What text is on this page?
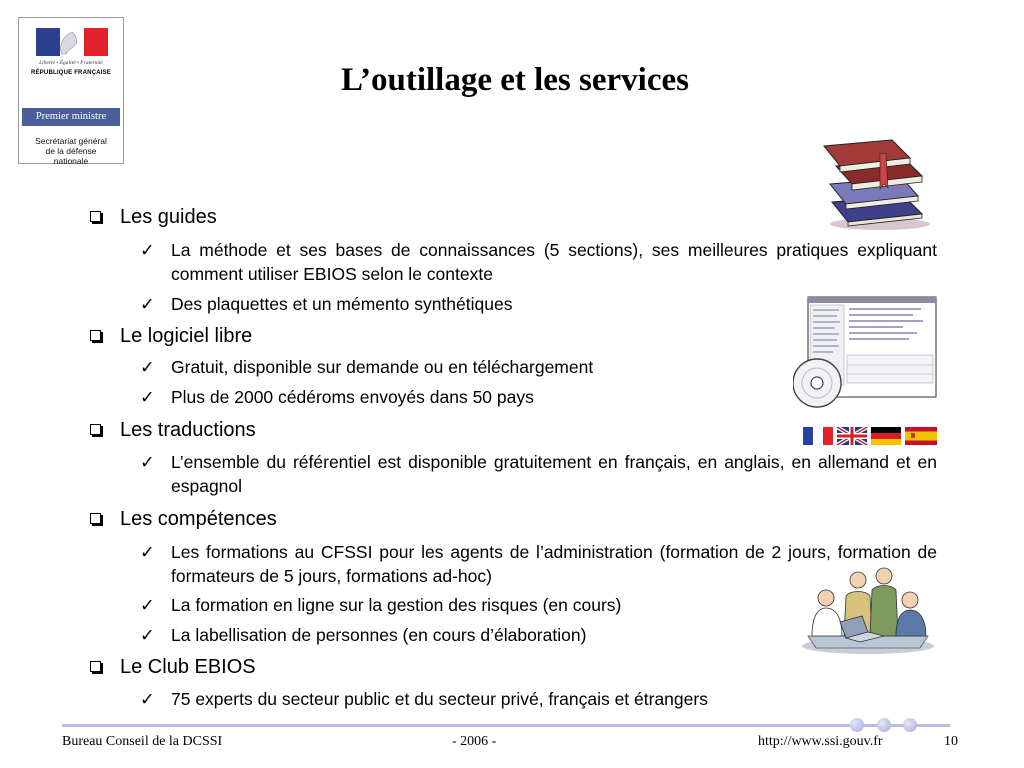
Liberté • Égalité • Fraternité
RÉPUBLIQUE FRANÇAISE
Premier ministre
Secrétariat général
de la défense
nationale
L’outillage et les services
Les guides
✓ La méthode et ses bases de connaissances (5 sections), ses meilleures pratiques expliquant comment utiliser EBIOS selon le contexte
✓ Des plaquettes et un mémento synthétiques
Le logiciel libre
✓ Gratuit, disponible sur demande ou en téléchargement
✓ Plus de 2000 cédéroms envoyés dans 50 pays
Les traductions
✓ L’ensemble du référentiel est disponible gratuitement en français, en anglais, en allemand et en espagnol
Les compétences
✓ Les formations au CFSSI pour les agents de l’administration (formation de 2 jours, formation de formateurs de 5 jours, formations ad-hoc)
✓ La formation en ligne sur la gestion des risques (en cours)
✓ La labellisation de personnes (en cours d’élaboration)
Le Club EBIOS
✓ 75 experts du secteur public et du secteur privé, français et étrangers
Bureau Conseil de la DCSSI	- 2006 -	http://www.ssi.gouv.fr	10
